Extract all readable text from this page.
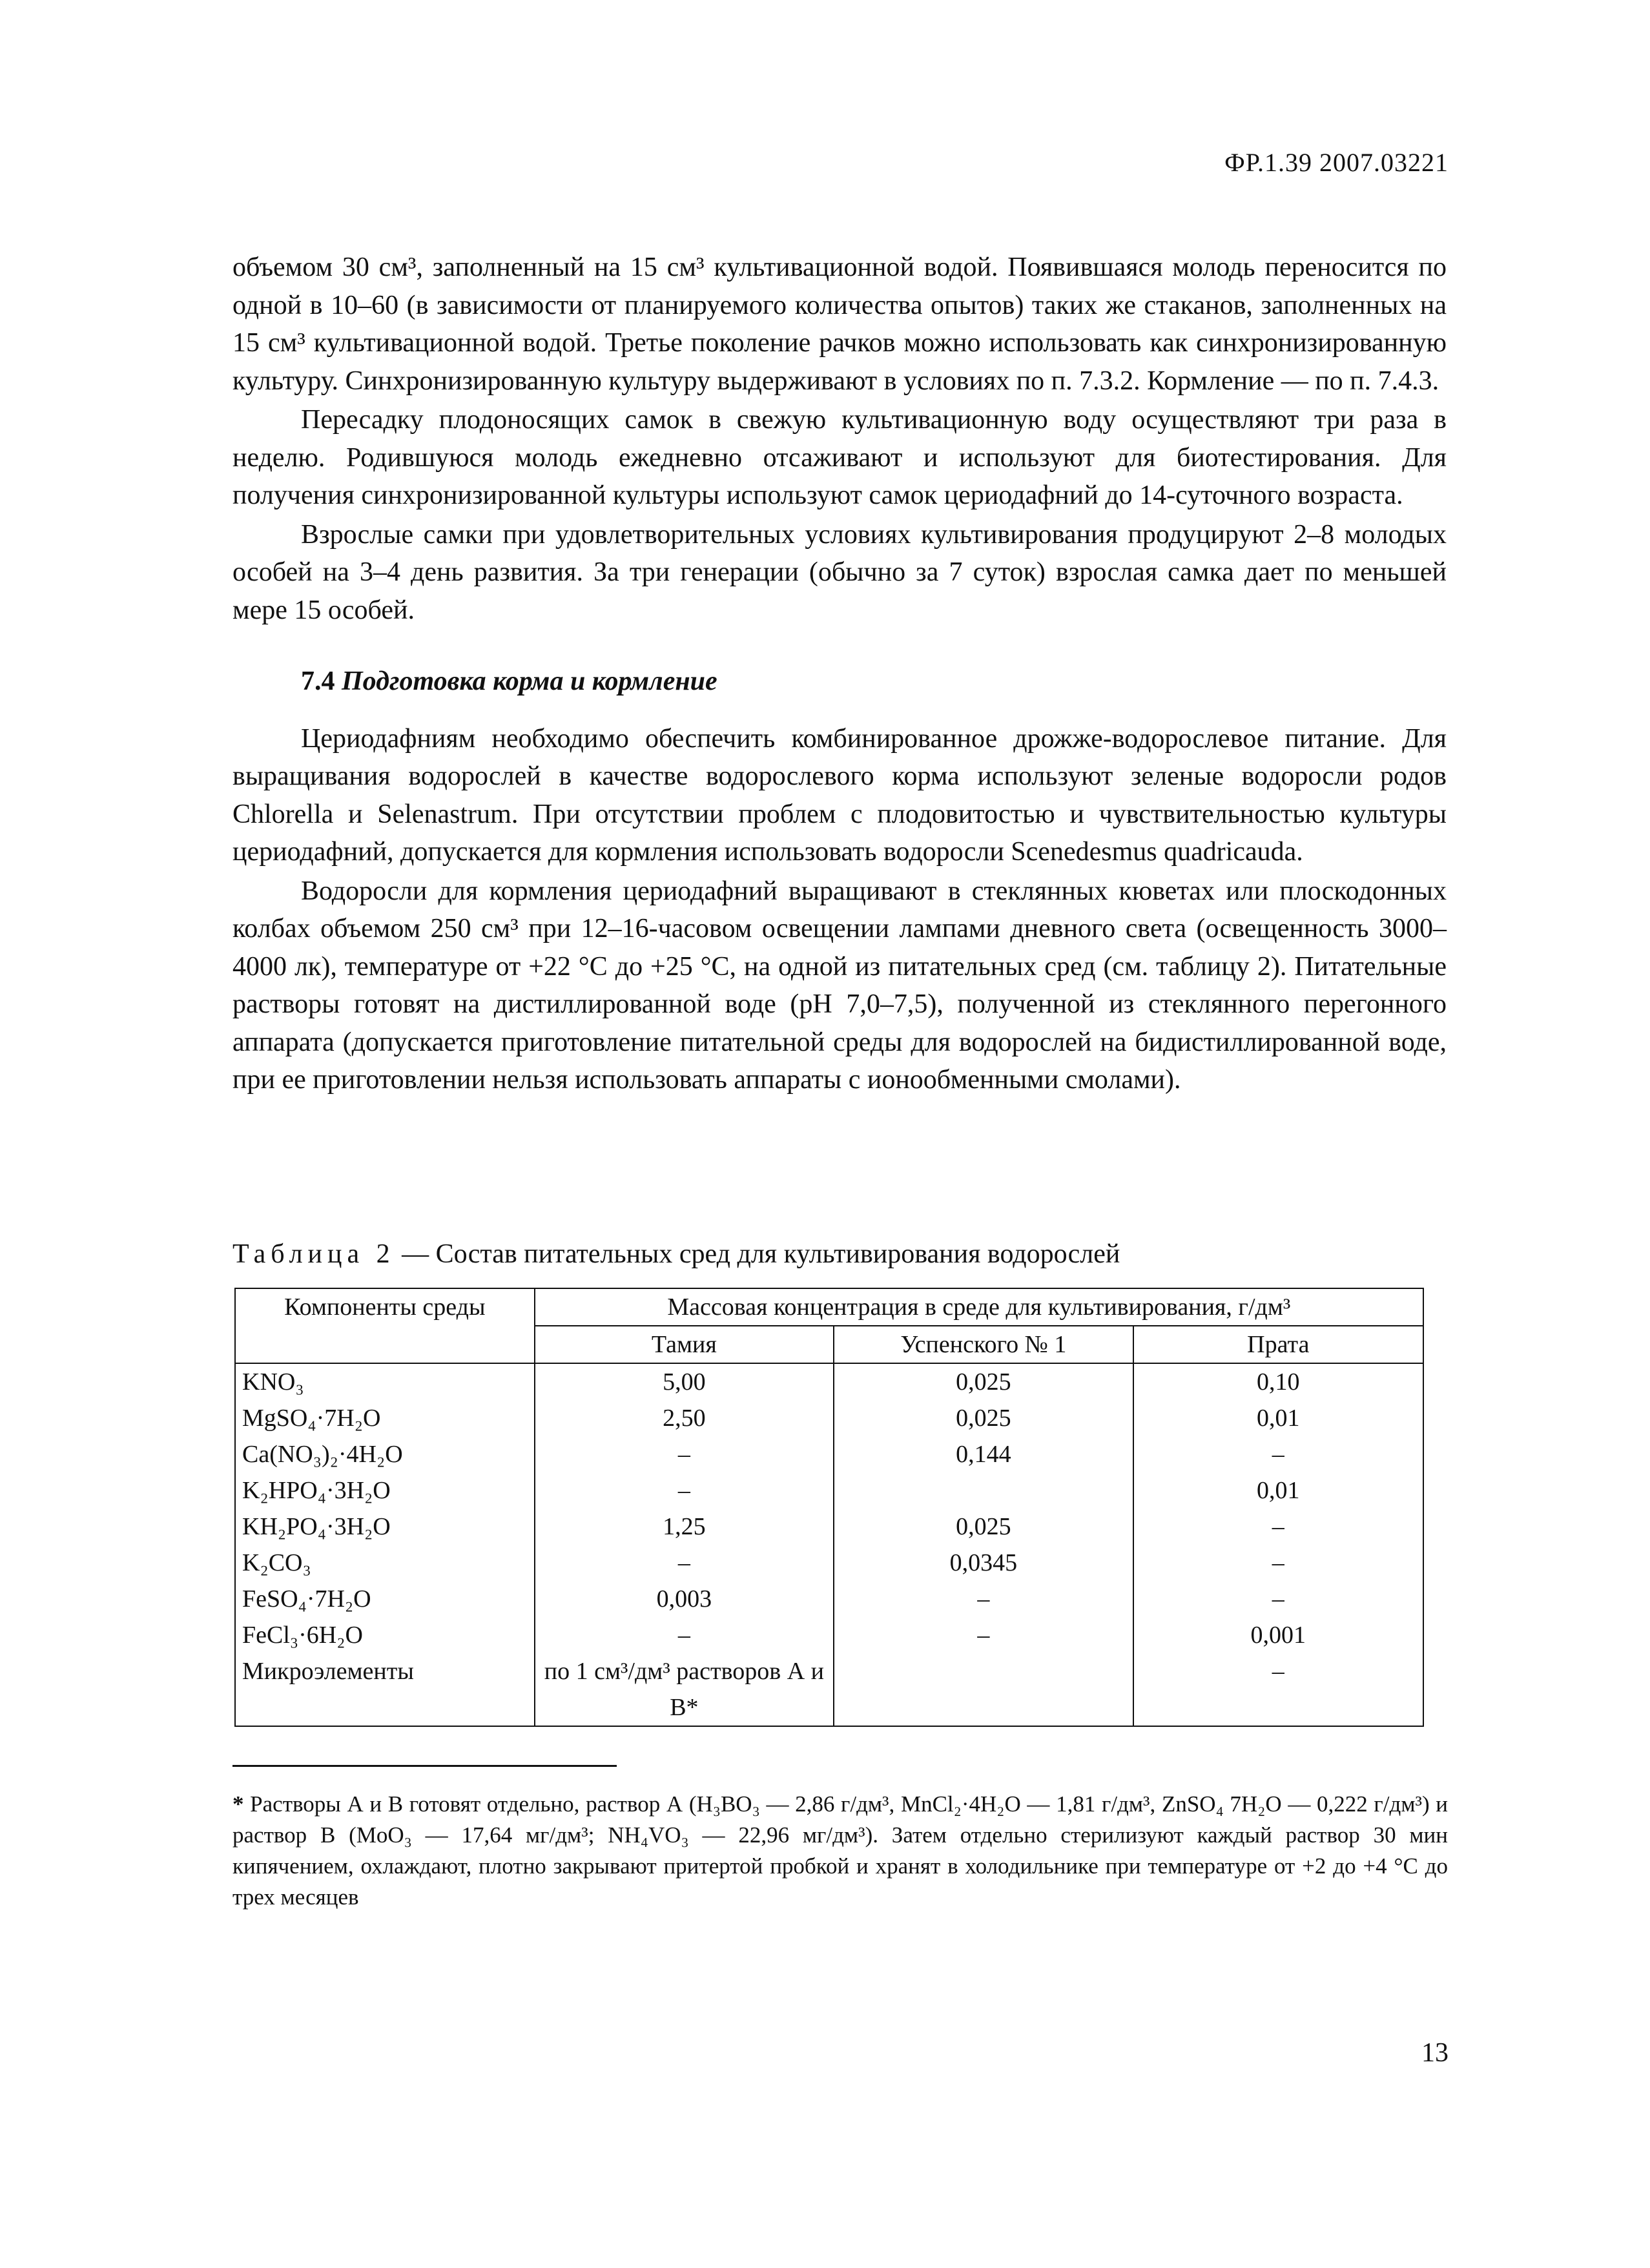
ФР.1.39 2007.03221

объемом 30 см³, заполненный на 15 см³ культивационной водой. Появившаяся молодь переносится по одной в 10–60 (в зависимости от планируемого количества опытов) таких же стаканов, заполненных на 15 см³ культивационной водой. Третье поколение рачков можно использовать как синхронизированную культуру. Синхронизированную культуру выдерживают в условиях по п. 7.3.2. Кормление — по п. 7.4.3.

Пересадку плодоносящих самок в свежую культивационную воду осуществляют три раза в неделю. Родившуюся молодь ежедневно отсаживают и используют для биотестирования. Для получения синхронизированной культуры используют самок цериодафний до 14-суточного возраста.

Взрослые самки при удовлетворительных условиях культивирования продуцируют 2–8 молодых особей на 3–4 день развития. За три генерации (обычно за 7 суток) взрослая самка дает по меньшей мере 15 особей.

7.4 Подготовка корма и кормление

Цериодафниям необходимо обеспечить комбинированное дрожже-водорослевое питание. Для выращивания водорослей в качестве водорослевого корма используют зеленые водоросли родов Chlorella и Selenastrum. При отсутствии проблем с плодовитостью и чувствительностью культуры цериодафний, допускается для кормления использовать водоросли Scenedesmus quadricauda.

Водоросли для кормления цериодафний выращивают в стеклянных кюветах или плоскодонных колбах объемом 250 см³ при 12–16-часовом освещении лампами дневного света (освещенность 3000–4000 лк), температуре от +22 °С до +25 °С, на одной из питательных сред (см. таблицу 2). Питательные растворы готовят на дистиллированной воде (pH 7,0–7,5), полученной из стеклянного перегонного аппарата (допускается приготовление питательной среды для водорослей на бидистиллированной воде, при ее приготовлении нельзя использовать аппараты с ионообменными смолами).

Таблица 2 — Состав питательных сред для культивирования водорослей
Компоненты среды	Массовая концентрация в среде для культивирования, г/дм³		
	Тамия	Успенского № 1	Прата
KNO₃	5,00	0,025	0,10
MgSO₄·7H₂O	2,50	0,025	0,01
Ca(NO₃)₂·4H₂O	–	0,144	–
K₂HPO₄·3H₂O	–		0,01
KH₂PO₄·3H₂O	1,25	0,025	–
K₂CO₃	–	0,0345	–
FeSO₄·7H₂O	0,003	–	–
FeCl₃·6H₂O	–	–	0,001
Микроэлементы	по 1 см³/дм³ растворов А и В*		–
* Растворы А и В готовят отдельно, раствор А (H₃BO₃ — 2,86 г/дм³, MnCl₂·4H₂O — 1,81 г/дм³, ZnSO₄ 7H₂O — 0,222 г/дм³) и раствор В (MoO₃ — 17,64 мг/дм³; NH₄VO₃ — 22,96 мг/дм³). Затем отдельно стерилизуют каждый раствор 30 мин кипячением, охлаждают, плотно закрывают притертой пробкой и хранят в холодильнике при температуре от +2 до +4 °С до трех месяцев
13
